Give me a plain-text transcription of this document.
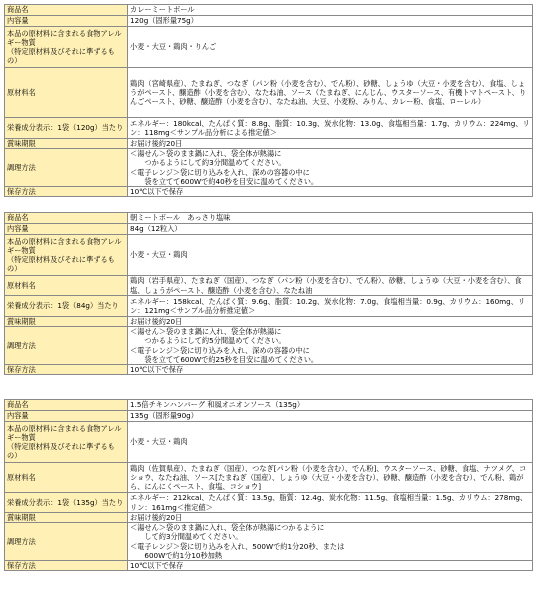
商品名	カレーミートボール
内容量	120g（固形量75g）
本品の原材料に含まれる食物アレルギー物質
（特定原材料及びそれに準ずるもの）	小麦・大豆・鶏肉・りんご
原材料名	鶏肉（宮崎県産）、たまねぎ、つなぎ（パン粉（小麦を含む）、でん粉）、砂糖、しょうゆ（大豆・小麦を含む）、食塩、しょうがペースト、醸造酢（小麦を含む）、なたね油、ソース（たまねぎ、にんじん、ウスターソース、有機トマトペースト、りんごペースト、砂糖、醸造酢（小麦を含む）、なたね油、大豆、小麦粉、みりん、カレー粉、食塩、ローレル）
栄養成分表示：1袋（120g）当たり	エネルギー：180kcal、たんぱく質：8.8g、脂質：10.3g、炭水化物：13.0g、食塩相当量：1.7g、カリウム：224mg、リン：118mg＜サンプル品分析による推定値＞
賞味期限	お届け後約20日
調理方法	＜湯せん＞袋のまま鍋に入れ、袋全体が熱湯に
　　つかるようにして約3分間温めてください。
＜電子レンジ＞袋に切り込みを入れ、深めの容器の中に
　　袋を立てて600Wで約40秒を目安に温めてください。
保存方法	10℃以下で保存
商品名	朝ミートボール　あっさり塩味
内容量	84g（12粒入）
本品の原材料に含まれる食物アレルギー物質
（特定原材料及びそれに準ずるもの）	小麦・大豆・鶏肉
原材料名	鶏肉（岩手県産）、たまねぎ（国産）、つなぎ（パン粉（小麦を含む）、でん粉）、砂糖、しょうゆ（大豆・小麦を含む）、食塩、しょうがペースト、醸造酢（小麦を含む）、なたね油
栄養成分表示：1袋（84g）当たり	エネルギー：158kcal、たんぱく質：9.6g、脂質：10.2g、炭水化物：7.0g、食塩相当量：0.9g、カリウム：160mg、リン：121mg＜サンプル品分析推定値＞
賞味期限	お届け後約20日
調理方法	＜湯せん＞袋のまま鍋に入れ、袋全体が熱湯に
　　つかるようにして約5分間温めてください。
＜電子レンジ＞袋に切り込みを入れ、深めの容器の中に
　　袋を立てて600Wで約25秒を目安に温めてください。
保存方法	10℃以下で保存
商品名	1.5倍チキンハンバーグ 和風オニオンソース（135g）
内容量	135g（固形量90g）
本品の原材料に含まれる食物アレルギー物質
（特定原材料及びそれに準ずるもの）	小麦・大豆・鶏肉
原材料名	鶏肉（佐賀県産）、たまねぎ（国産）、つなぎ[パン粉（小麦を含む）、でん粉]、ウスターソース、砂糖、食塩、ナツメグ、コショウ、なたね油、ソース[たまねぎ（国産）、しょうゆ（大豆・小麦を含む）、砂糖、醸造酢（小麦を含む）、でん粉、鶏がら、にんにくペースト、食塩、コショウ]
栄養成分表示：1袋（135g）当たり	エネルギー：212kcal、たんぱく質：13.5g、脂質：12.4g、炭水化物：11.5g、食塩相当量：1.5g、カリウム：278mg、リン：161mg＜推定値＞
賞味期限	お届け後約20日
調理方法	＜湯せん＞袋のまま鍋に入れ、袋全体が熱湯につかるように
　　して約3分間温めてください。
＜電子レンジ＞袋に切り込みを入れ、500Wで約1分20秒、または
　　600Wで約1分10秒加熱
保存方法	10℃以下で保存
